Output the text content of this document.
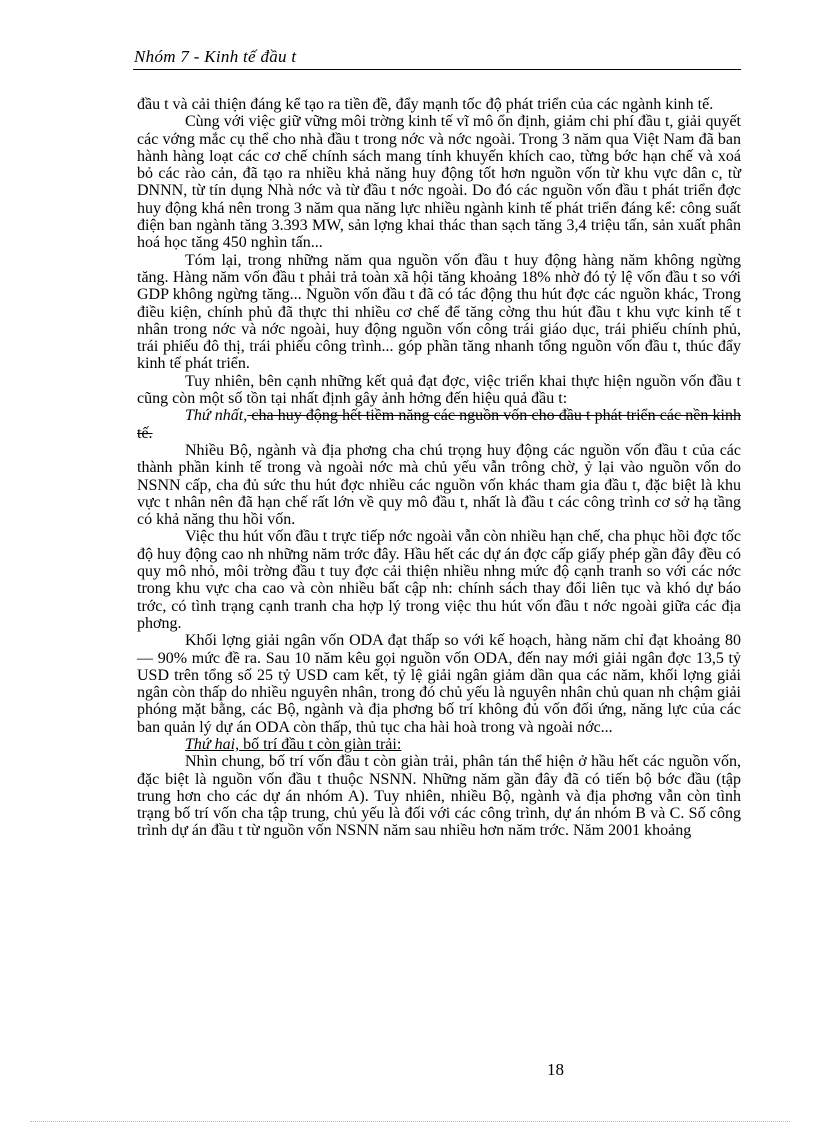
Nhóm 7 - Kinh tế đầu t

đầu t và cải thiện đáng kể tạo ra tiền đề, đẩy mạnh tốc độ phát triển của các ngành kinh tế.

Cùng với việc giữ vững môi trờng kinh tế vĩ mô ổn định, giảm chi phí đầu t, giải quyết các vớng mắc cụ thể cho nhà đầu t trong nớc và nớc ngoài. Trong 3 năm qua Việt Nam đã ban hành hàng loạt các cơ chế chính sách mang tính khuyến khích cao, từng bớc hạn chế và xoá bỏ các rào cản, đã tạo ra nhiều khả năng huy động tốt hơn nguồn vốn từ khu vực dân c, từ DNNN, từ tín dụng Nhà nớc và từ đầu t nớc ngoài. Do đó các nguồn vốn đầu t phát triển đợc huy động khá nên trong 3 năm qua năng lực nhiều ngành kinh tế phát triển đáng kể: công suất điện ban ngành tăng 3.393 MW, sản lợng khai thác than sạch tăng 3,4 triệu tấn, sản xuất phân hoá học tăng 450 nghìn tấn...

Tóm lại, trong những năm qua nguồn vốn đầu t huy động hàng năm không ngừng tăng. Hàng năm vốn đầu t phải trả toàn xã hội tăng khoảng 18% nhờ đó tỷ lệ vốn đầu t so với GDP không ngừng tăng... Nguồn vốn đầu t đã có tác động thu hút đợc các nguồn khác, Trong điều kiện, chính phủ đã thực thi nhiều cơ chế để tăng cờng thu hút đầu t khu vực kinh tế t nhân trong nớc và nớc ngoài, huy động nguồn vốn công trái giáo dục, trái phiếu chính phủ, trái phiếu đô thị, trái phiếu công trình... góp phần tăng nhanh tổng nguồn vốn đầu t, thúc đẩy kinh tế phát triển.

Tuy nhiên, bên cạnh những kết quả đạt đợc, việc triển khai thực hiện nguồn vốn đầu t cũng còn một số tồn tại nhất định gây ảnh hởng đến hiệu quả đầu t:

Thứ nhất, cha huy động hết tiềm năng các nguồn vốn cho đầu t phát triển các nền kinh tế.

Nhiều Bộ, ngành và địa phơng cha chú trọng huy động các nguồn vốn đầu t của các thành phần kinh tế trong và ngoài nớc mà chủ yếu vẫn trông chờ, ỷ lại vào nguồn vốn do NSNN cấp, cha đủ sức thu hút đợc nhiều các nguồn vốn khác tham gia đầu t, đặc biệt là khu vực t nhân nên đã hạn chế rất lớn về quy mô đầu t, nhất là đầu t các công trình cơ sở hạ tầng có khả năng thu hồi vốn.

Việc thu hút vốn đầu t trực tiếp nớc ngoài vẫn còn nhiều hạn chế, cha phục hồi đợc tốc độ huy động cao nh những năm trớc đây. Hầu hết các dự án đợc cấp giấy phép gần đây đều có quy mô nhỏ, môi trờng đầu t tuy đợc cải thiện nhiều nhng mức độ cạnh tranh so với các nớc trong khu vực cha cao và còn nhiều bất cập nh: chính sách thay đổi liên tục và khó dự báo trớc, có tình trạng cạnh tranh cha hợp lý trong việc thu hút vốn đầu t nớc ngoài giữa các địa phơng.

Khối lợng giải ngân vốn ODA đạt thấp so với kế hoạch, hàng năm chỉ đạt khoảng 80 — 90% mức đề ra. Sau 10 năm kêu gọi nguồn vốn ODA, đến nay mới giải ngân đợc 13,5 tỷ USD trên tổng số 25 tỷ USD cam kết, tỷ lệ giải ngân giảm dần qua các năm, khối lợng giải ngân còn thấp do nhiều nguyên nhân, trong đó chủ yếu là nguyên nhân chủ quan nh chậm giải phóng mặt bằng, các Bộ, ngành và địa phơng bố trí không đủ vốn đối ứng, năng lực của các ban quản lý dự án ODA còn thấp, thủ tục cha hài hoà trong và ngoài nớc...

Thứ hai, bố trí đầu t còn giàn trải:

Nhìn chung, bố trí vốn đầu t còn giàn trải, phân tán thể hiện ở hầu hết các nguồn vốn, đặc biệt là nguồn vốn đầu t thuộc NSNN. Những năm gần đây đã có tiến bộ bớc đầu (tập trung hơn cho các dự án nhóm A). Tuy nhiên, nhiều Bộ, ngành và địa phơng vẫn còn tình trạng bố trí vốn cha tập trung, chủ yếu là đối với các công trình, dự án nhóm B và C. Số công trình dự án đầu t từ nguồn vốn NSNN năm sau nhiều hơn năm trớc. Năm 2001 khoảng

18
